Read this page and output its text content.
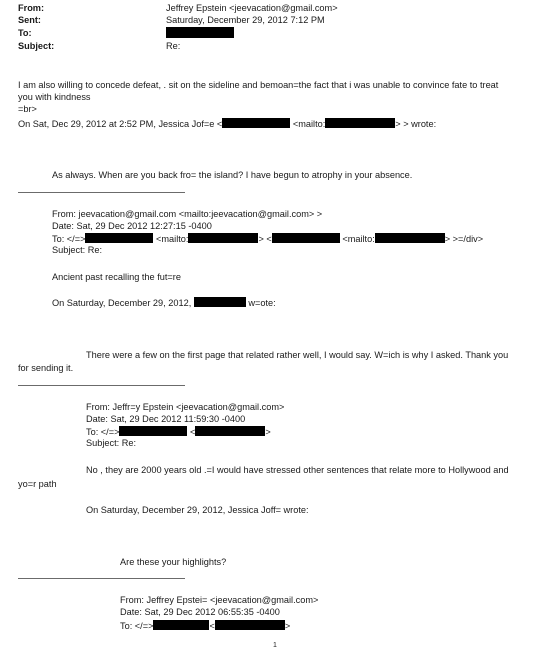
From:	Jeffrey Epstein <jeevacation@gmail.com>
Sent:	Saturday, December 29, 2012 7:12 PM
To:
Subject:	Re:
I am also willing to concede defeat, . sit on the sideline and bemoan=the fact that i was unable to convince fate to treat
you with kindness
=br>
On Sat, Dec 29, 2012 at 2:52 PM, Jessica Jof=e <	<mailto:	> > wrote:
As always. When are you back fro= the island? I have begun to atrophy in your absence.
From: jeevacation@gmail.com <mailto:jeevacation@gmail.com> >
Date: Sat, 29 Dec 2012 12:27:15 -0400
To: </=>	<mailto:	> <	<mailto:	> >=/div>
Subject: Re:
Ancient past recalling the fut=re
On Saturday, December 29, 2012,	w=ote:
There were a few on the first page that related rather well, I would say. W=ich is why I asked. Thank you
for sending it.
From: Jeffr=y Epstein <jeevacation@gmail.com>
Date: Sat, 29 Dec 2012 11:59:30 -0400
To: </=>	<	>
Subject: Re:
No , they are 2000 years old .=I would have stressed other sentences that relate more to Hollywood and
yo=r path
On Saturday, December 29, 2012, Jessica Joff= wrote:
Are these your highlights?
From: Jeffrey Epstei= <jeevacation@gmail.com>
Date: Sat, 29 Dec 2012 06:55:35 -0400
To: </=>	<	>
1
